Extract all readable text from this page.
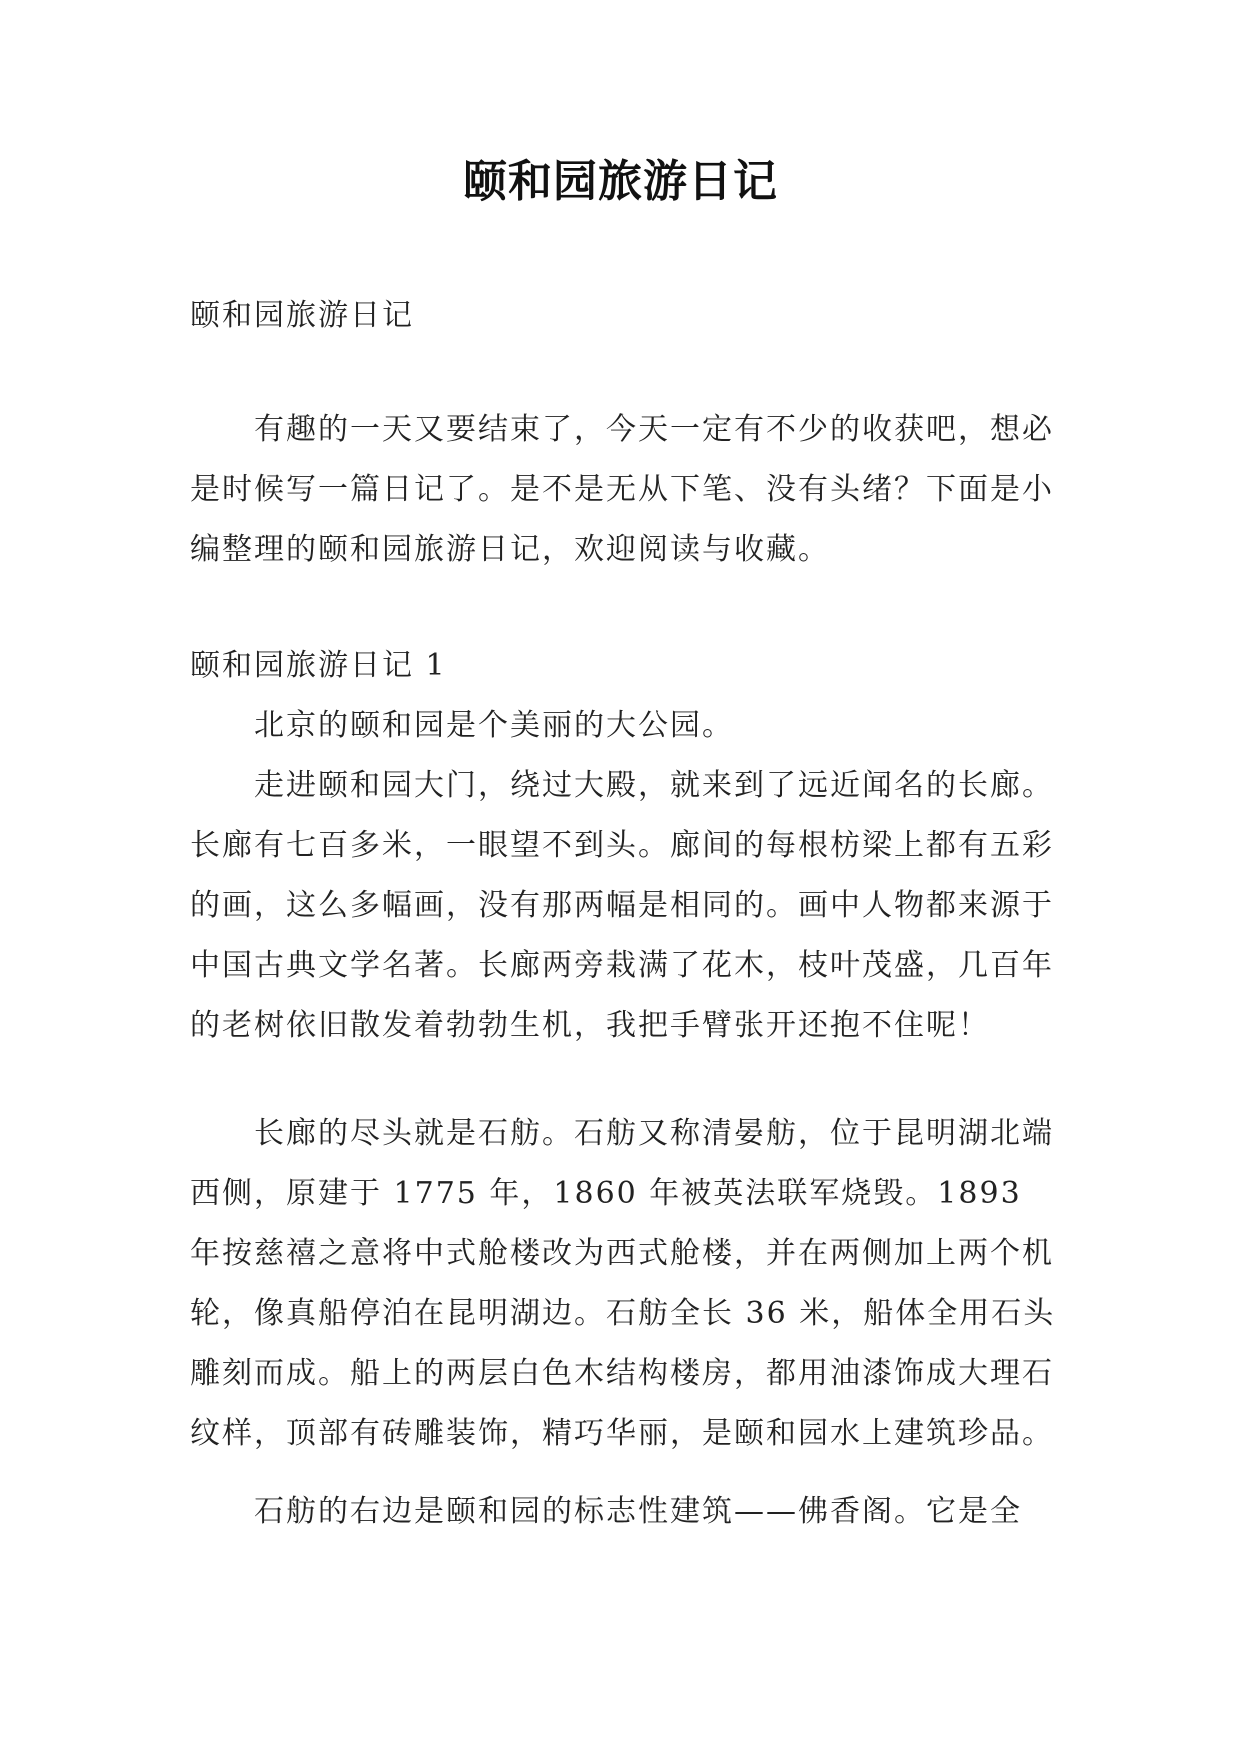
颐和园旅游日记

颐和园旅游日记

有趣的一天又要结束了，今天一定有不少的收获吧，想必是时候写一篇日记了。是不是无从下笔、没有头绪？下面是小编整理的颐和园旅游日记，欢迎阅读与收藏。

颐和园旅游日记 1

北京的颐和园是个美丽的大公园。

走进颐和园大门，绕过大殿，就来到了远近闻名的长廊。长廊有七百多米，一眼望不到头。廊间的每根枋梁上都有五彩的画，这么多幅画，没有那两幅是相同的。画中人物都来源于中国古典文学名著。长廊两旁栽满了花木，枝叶茂盛，几百年的老树依旧散发着勃勃生机，我把手臂张开还抱不住呢！

长廊的尽头就是石舫。石舫又称清晏舫，位于昆明湖北端西侧，原建于 1775 年，1860 年被英法联军烧毁。1893 年按慈禧之意将中式舱楼改为西式舱楼，并在两侧加上两个机轮，像真船停泊在昆明湖边。石舫全长 36 米，船体全用石头雕刻而成。船上的两层白色木结构楼房，都用油漆饰成大理石纹样，顶部有砖雕装饰，精巧华丽，是颐和园水上建筑珍品。

石舫的右边是颐和园的标志性建筑——佛香阁。它是全
